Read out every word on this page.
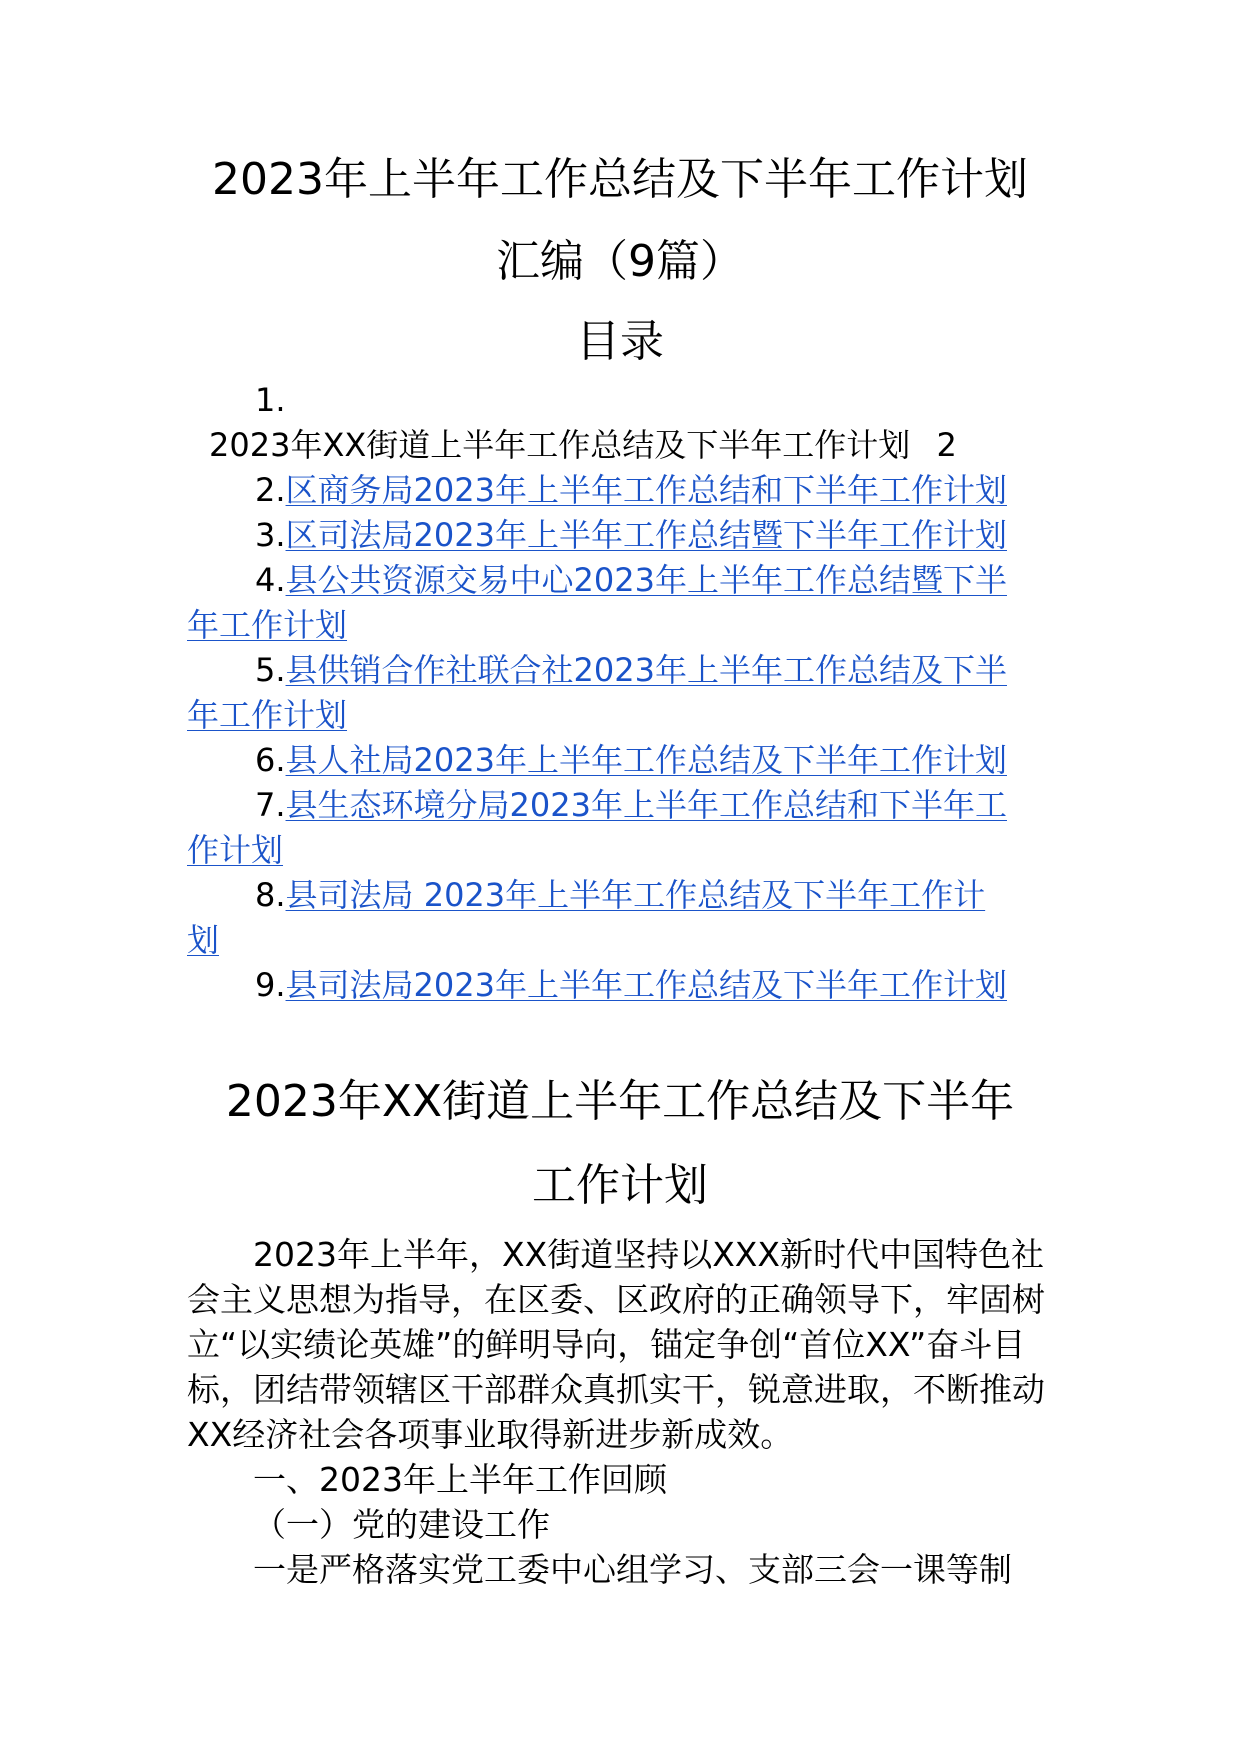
2023年上半年工作总结及下半年工作计划
汇编（9篇）
目录
1.
2023年XX街道上半年工作总结及下半年工作计划 2
2.区商务局2023年上半年工作总结和下半年工作计划
3.区司法局2023年上半年工作总结暨下半年工作计划
4.县公共资源交易中心2023年上半年工作总结暨下半
年工作计划
5.县供销合作社联合社2023年上半年工作总结及下半
年工作计划
6.县人社局2023年上半年工作总结及下半年工作计划
7.县生态环境分局2023年上半年工作总结和下半年工
作计划
8.县司法局 2023年上半年工作总结及下半年工作计
划
9.县司法局2023年上半年工作总结及下半年工作计划
2023年XX街道上半年工作总结及下半年
工作计划

2023年上半年，XX街道坚持以XXX新时代中国特色社会主义思想为指导，在区委、区政府的正确领导下，牢固树立“以实绩论英雄”的鲜明导向，锚定争创“首位XX”奋斗目标，团结带领辖区干部群众真抓实干，锐意进取，不断推动XX经济社会各项事业取得新进步新成效。

一、2023年上半年工作回顾

（一）党的建设工作

一是严格落实党工委中心组学习、支部三会一课等制
